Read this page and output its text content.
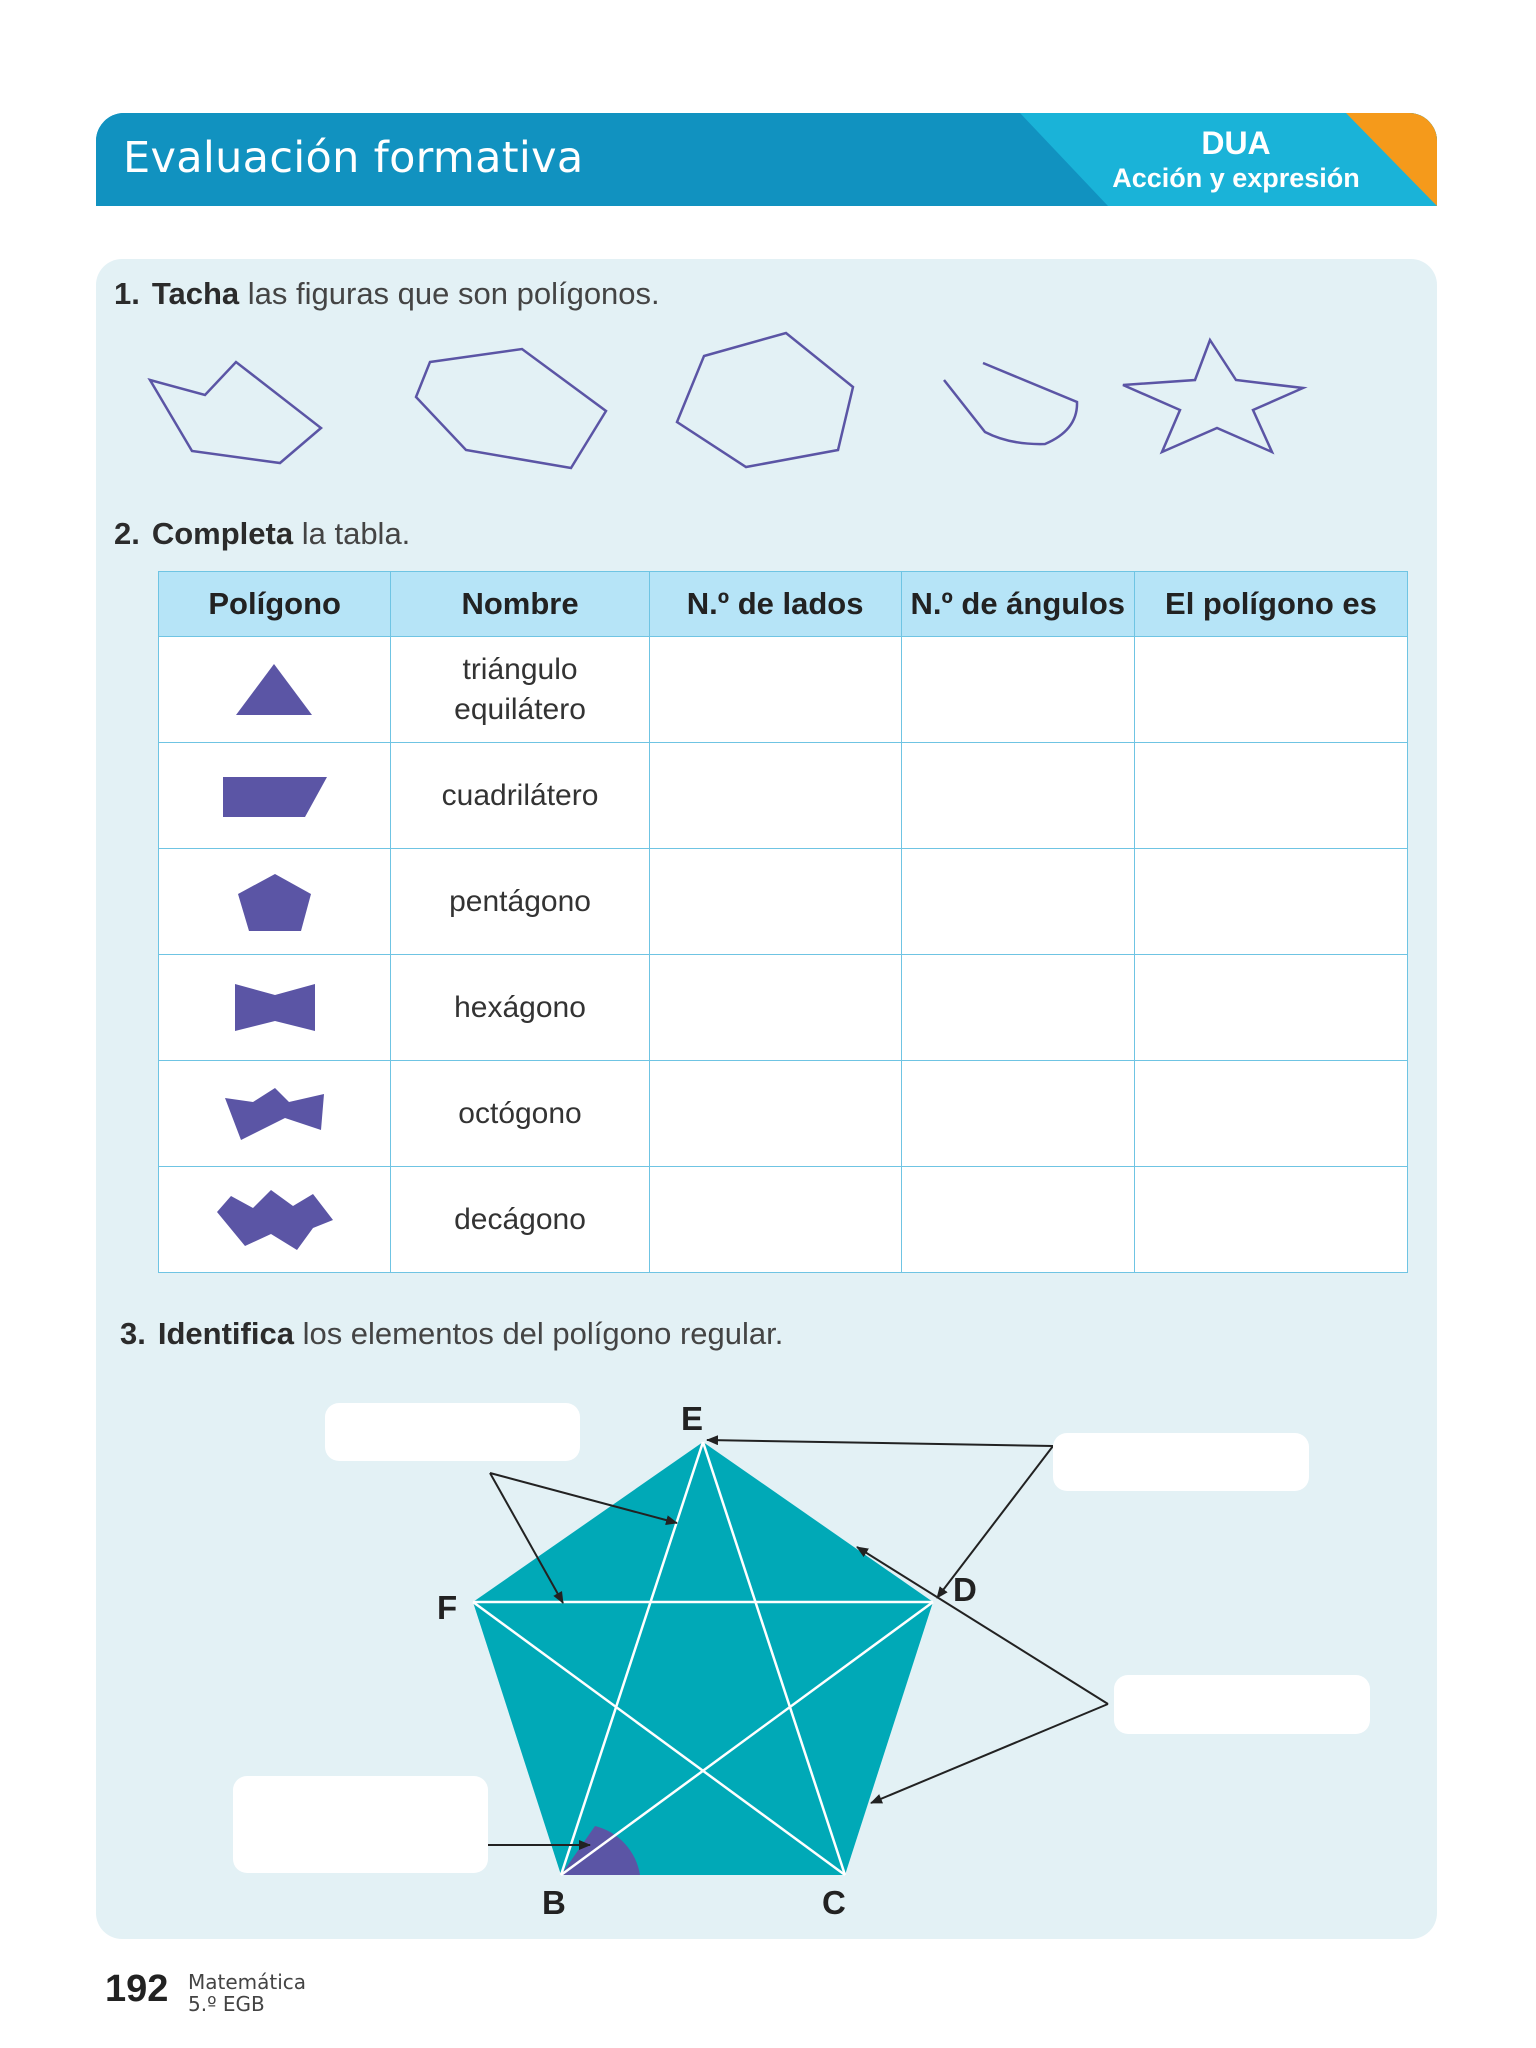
Evaluación formativa	DUA
Acción y expresión
1. Tacha las figuras que son polígonos.
2. Completa la tabla.
Polígono	Nombre	N.º de lados	N.º de ángulos	El polígono es

	triángulo
equilátero			

	cuadrilátero			

	pentágono			

	hexágono			

	octógono			

	decágono			
3. Identifica los elementos del polígono regular.
E
F	D
B	C
192 Matemática
5.º EGB
